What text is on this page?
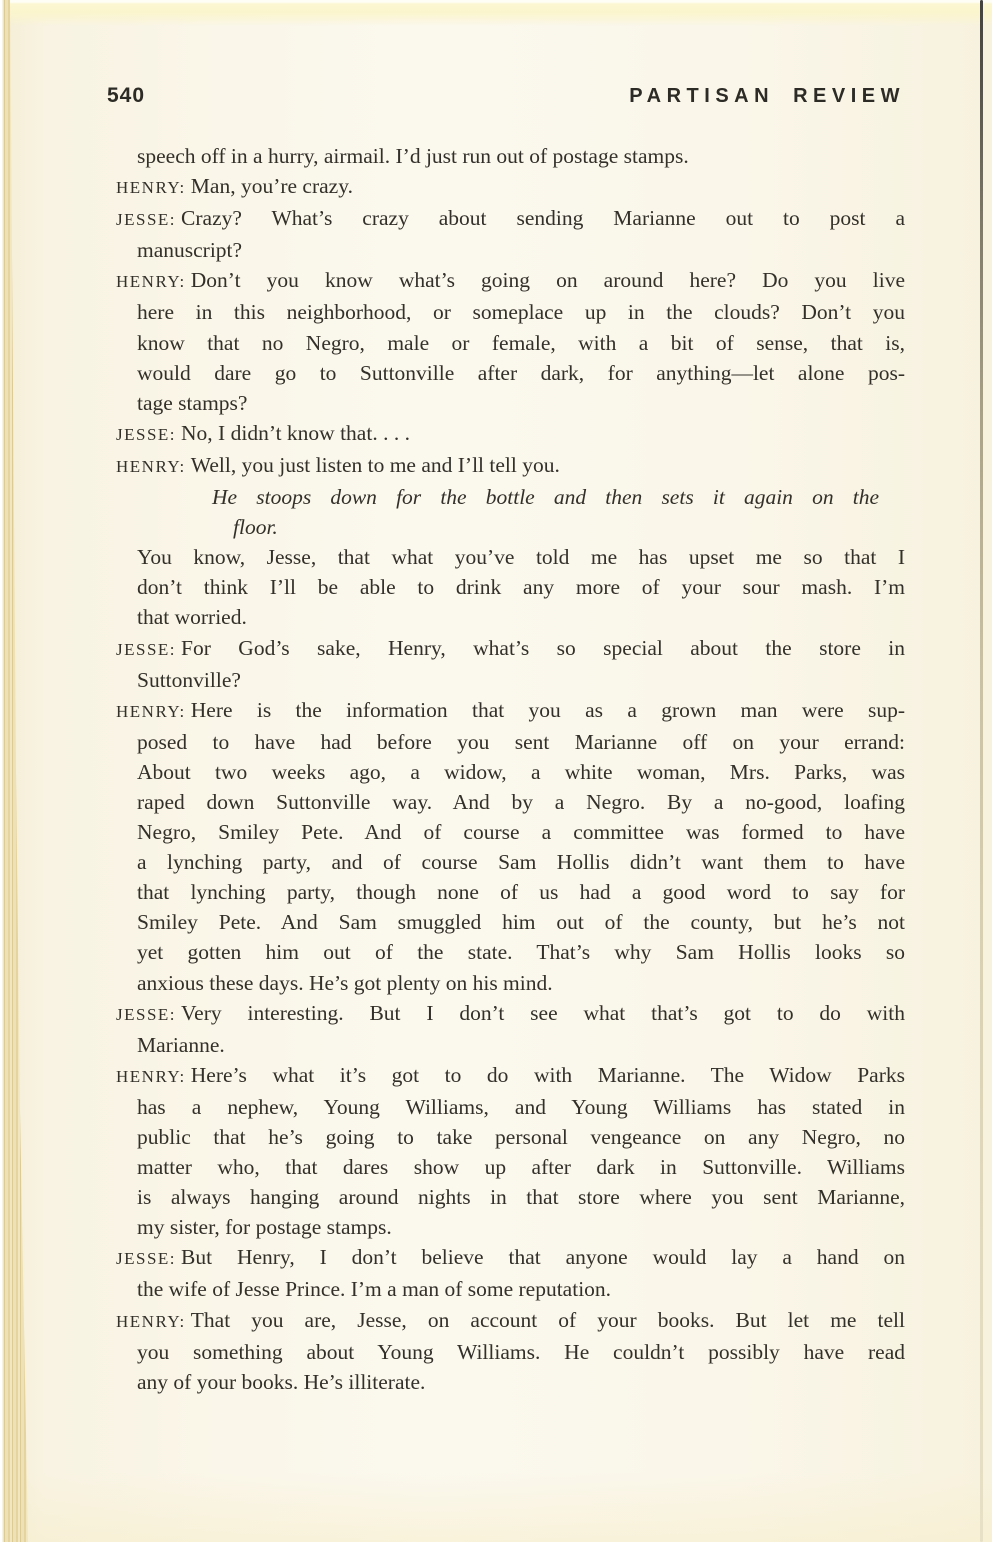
540	PARTISAN REVIEW
speech off in a hurry, airmail. I’d just run out of postage stamps.
HENRY: Man, you’re crazy.
JESSE: Crazy? What’s crazy about sending Marianne out to post a
manuscript?
HENRY: Don’t you know what’s going on around here? Do you live
here in this neighborhood, or someplace up in the clouds? Don’t you
know that no Negro, male or female, with a bit of sense, that is,
would dare go to Suttonville after dark, for anything—let alone pos-
tage stamps?
JESSE: No, I didn’t know that. . . .
HENRY: Well, you just listen to me and I’ll tell you.
He stoops down for the bottle and then sets it again on the
floor.
You know, Jesse, that what you’ve told me has upset me so that I
don’t think I’ll be able to drink any more of your sour mash. I’m
that worried.
JESSE: For God’s sake, Henry, what’s so special about the store in
Suttonville?
HENRY: Here is the information that you as a grown man were sup-
posed to have had before you sent Marianne off on your errand:
About two weeks ago, a widow, a white woman, Mrs. Parks, was
raped down Suttonville way. And by a Negro. By a no-good, loafing
Negro, Smiley Pete. And of course a committee was formed to have
a lynching party, and of course Sam Hollis didn’t want them to have
that lynching party, though none of us had a good word to say for
Smiley Pete. And Sam smuggled him out of the county, but he’s not
yet gotten him out of the state. That’s why Sam Hollis looks so
anxious these days. He’s got plenty on his mind.
JESSE: Very interesting. But I don’t see what that’s got to do with
Marianne.
HENRY: Here’s what it’s got to do with Marianne. The Widow Parks
has a nephew, Young Williams, and Young Williams has stated in
public that he’s going to take personal vengeance on any Negro, no
matter who, that dares show up after dark in Suttonville. Williams
is always hanging around nights in that store where you sent Marianne,
my sister, for postage stamps.
JESSE: But Henry, I don’t believe that anyone would lay a hand on
the wife of Jesse Prince. I’m a man of some reputation.
HENRY: That you are, Jesse, on account of your books. But let me tell
you something about Young Williams. He couldn’t possibly have read
any of your books. He’s illiterate.
